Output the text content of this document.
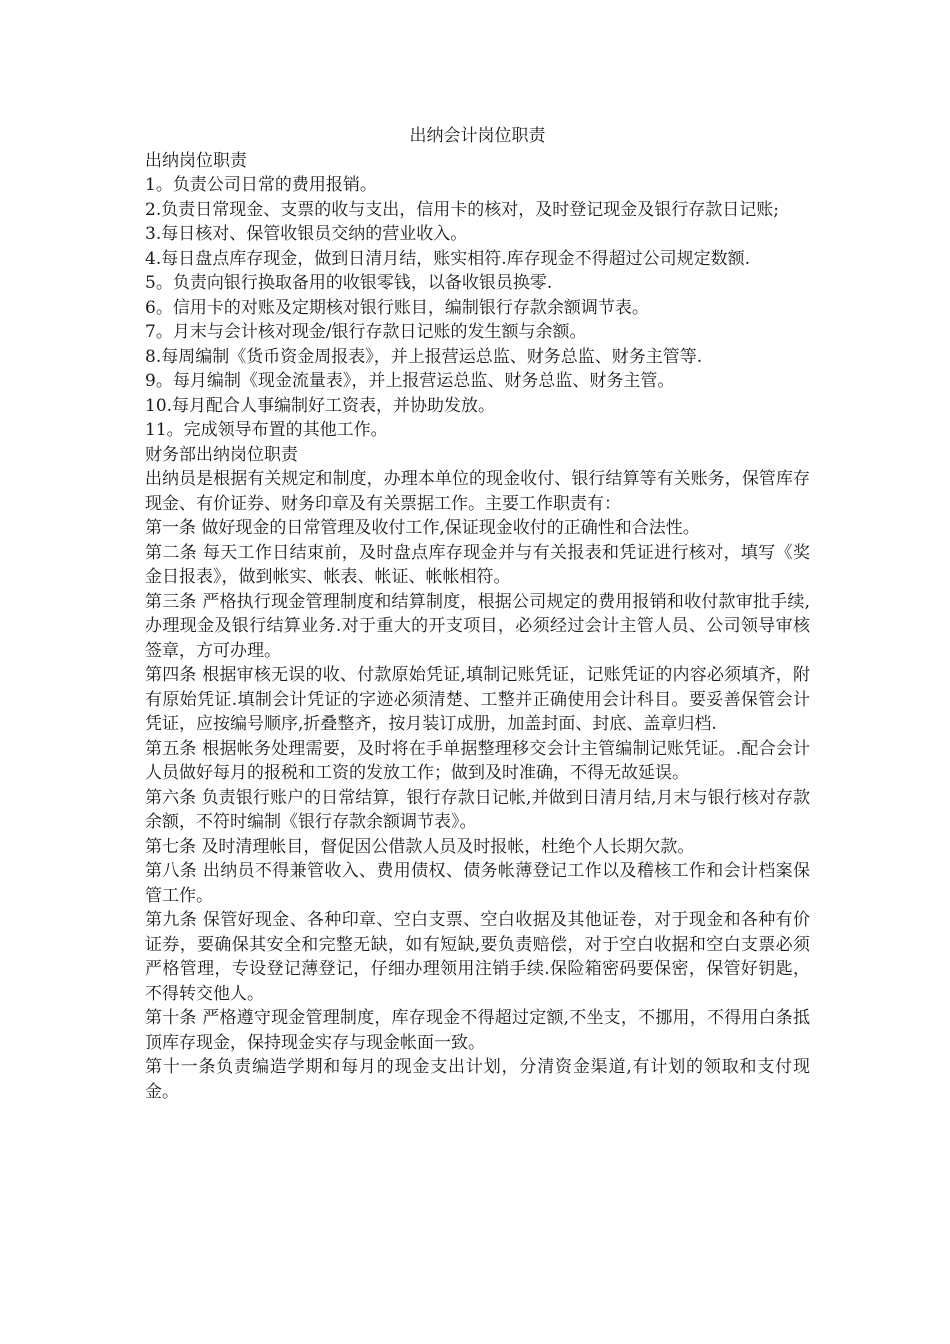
出纳会计岗位职责

出纳岗位职责

1。负责公司日常的费用报销。

2.负责日常现金、支票的收与支出，信用卡的核对，及时登记现金及银行存款日记账;

3.每日核对、保管收银员交纳的营业收入。

4.每日盘点库存现金，做到日清月结，账实相符.库存现金不得超过公司规定数额.

5。负责向银行换取备用的收银零钱，以备收银员换零.

6。信用卡的对账及定期核对银行账目，编制银行存款余额调节表。

7。月末与会计核对现金/银行存款日记账的发生额与余额。

8.每周编制《货币资金周报表》，并上报营运总监、财务总监、财务主管等.

9。每月编制《现金流量表》，并上报营运总监、财务总监、财务主管。

10.每月配合人事编制好工资表，并协助发放。

11。完成领导布置的其他工作。

财务部出纳岗位职责

出纳员是根据有关规定和制度，办理本单位的现金收付、银行结算等有关账务，保管库存现金、有价证券、财务印章及有关票据工作。主要工作职责有：

第一条 做好现金的日常管理及收付工作,保证现金收付的正确性和合法性。

第二条 每天工作日结束前，及时盘点库存现金并与有关报表和凭证进行核对，填写《奖金日报表》，做到帐实、帐表、帐证、帐帐相符。

第三条 严格执行现金管理制度和结算制度，根据公司规定的费用报销和收付款审批手续,办理现金及银行结算业务.对于重大的开支项目，必须经过会计主管人员、公司领导审核签章，方可办理。

第四条 根据审核无误的收、付款原始凭证,填制记账凭证，记账凭证的内容必须填齐，附有原始凭证.填制会计凭证的字迹必须清楚、工整并正确使用会计科目。要妥善保管会计凭证，应按编号顺序,折叠整齐，按月装订成册，加盖封面、封底、盖章归档.

第五条 根据帐务处理需要，及时将在手单据整理移交会计主管编制记账凭证。.配合会计人员做好每月的报税和工资的发放工作；做到及时准确，不得无故延误。

第六条 负责银行账户的日常结算，银行存款日记帐,并做到日清月结,月末与银行核对存款余额，不符时编制《银行存款余额调节表》。

第七条 及时清理帐目，督促因公借款人员及时报帐，杜绝个人长期欠款。

第八条 出纳员不得兼管收入、费用债权、债务帐薄登记工作以及稽核工作和会计档案保管工作。

第九条 保管好现金、各种印章、空白支票、空白收据及其他证卷，对于现金和各种有价证券，要确保其安全和完整无缺，如有短缺,要负责赔偿，对于空白收据和空白支票必须严格管理，专设登记薄登记，仔细办理领用注销手续.保险箱密码要保密，保管好钥匙，不得转交他人。

第十条 严格遵守现金管理制度，库存现金不得超过定额,不坐支，不挪用，不得用白条抵顶库存现金，保持现金实存与现金帐面一致。

第十一条负责编造学期和每月的现金支出计划，分清资金渠道,有计划的领取和支付现金。
